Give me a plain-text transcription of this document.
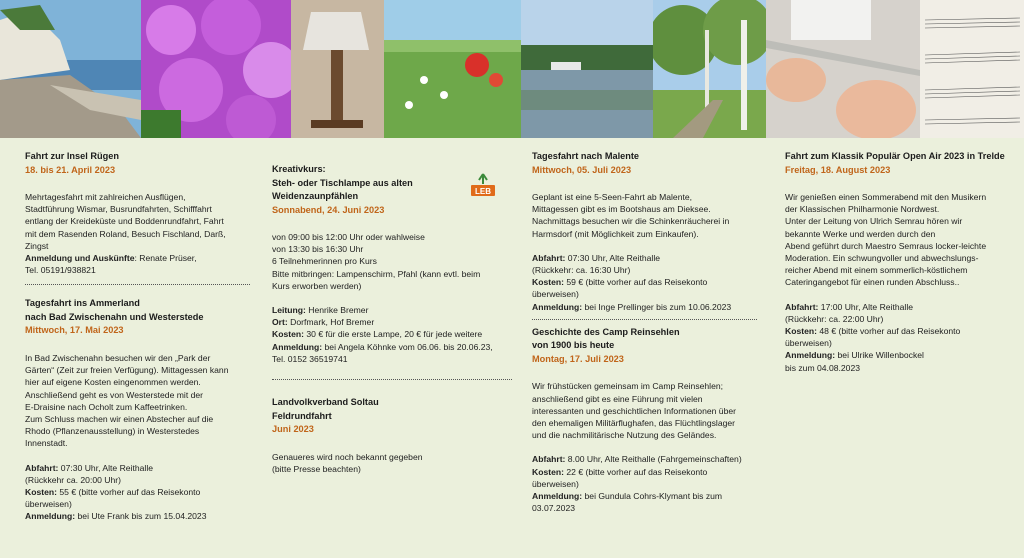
Fahrt zur Insel Rügen
18. bis 21. April 2023
Mehrtagesfahrt mit zahlreichen Ausflügen,
Stadtführung Wismar, Busrundfahrten, Schifffahrt
entlang der Kreideküste und Boddenrundfahrt, Fahrt
mit dem Rasenden Roland, Besuch Fischland, Darß,
Zingst
Anmeldung und Auskünfte: Renate Prüser,
Tel. 05191/938821
Tagesfahrt ins Ammerland
nach Bad Zwischenahn und Westerstede
Mittwoch, 17. Mai 2023
In Bad Zwischenahn besuchen wir den „Park der
Gärten“ (Zeit zur freien Verfügung). Mittagessen kann
hier auf eigene Kosten eingenommen werden.
Anschließend geht es von Westerstede mit der
E-Draisine nach Ocholt zum Kaffeetrinken.
Zum Schluss machen wir einen Abstecher auf die
Rhodo (Pflanzenausstellung) in Westerstedes
Innenstadt.
Abfahrt: 07:30 Uhr, Alte Reithalle
(Rückkehr ca. 20:00 Uhr)
Kosten: 55 € (bitte vorher auf das Reisekonto
überweisen)
Anmeldung: bei Ute Frank bis zum 15.04.2023
LEB
Kreativkurs:
Steh- oder Tischlampe aus alten
Weidenzaunpfählen
Sonnabend, 24. Juni 2023
von 09:00 bis 12:00 Uhr oder wahlweise
von 13:30 bis 16:30 Uhr
6 Teilnehmerinnen pro Kurs
Bitte mitbringen: Lampenschirm, Pfahl (kann evtl. beim
Kurs erworben werden)
Leitung: Henrike Bremer
Ort: Dorfmark, Hof Bremer
Kosten: 30 € für die erste Lampe, 20 € für jede weitere
Anmeldung: bei Angela Köhnke vom 06.06. bis 20.06.23,
Tel. 0152 36519741
Landvolkverband Soltau
Feldrundfahrt
Juni 2023
Genaueres wird noch bekannt gegeben
(bitte Presse beachten)
Tagesfahrt nach Malente
Mittwoch, 05. Juli 2023
Geplant ist eine 5-Seen-Fahrt ab Malente,
Mittagessen gibt es im Bootshaus am Dieksee.
Nachmittags besuchen wir die Schinkenräucherei in
Harmsdorf (mit Möglichkeit zum Einkaufen).
Abfahrt: 07:30 Uhr, Alte Reithalle
(Rückkehr: ca. 16:30 Uhr)
Kosten: 59 € (bitte vorher auf das Reisekonto
überweisen)
Anmeldung: bei Inge Prellinger bis zum 10.06.2023
Geschichte des Camp Reinsehlen
von 1900 bis heute
Montag, 17. Juli 2023
Wir frühstücken gemeinsam im Camp Reinsehlen;
anschließend gibt es eine Führung mit vielen
interessanten und geschichtlichen Informationen über
den ehemaligen Militärflughafen, das Flüchtlingslager
und die nachmilitärische Nutzung des Geländes.
Abfahrt: 8.00 Uhr, Alte Reithalle (Fahrgemeinschaften)
Kosten: 22 € (bitte vorher auf das Reisekonto
überweisen)
Anmeldung: bei Gundula Cohrs-Klymant bis zum
03.07.2023
Fahrt zum Klassik Populär Open Air 2023 in Trelde
Freitag, 18. August 2023
Wir genießen einen Sommerabend mit den Musikern
der Klassischen Philharmonie Nordwest.
Unter der Leitung von Ulrich Semrau hören wir
bekannte Werke und werden durch den
Abend geführt durch Maestro Semraus locker-leichte
Moderation. Ein schwungvoller und abwechslungs-
reicher Abend mit einem sommerlich-köstlichem
Cateringangebot für einen runden Abschluss..
Abfahrt: 17:00 Uhr, Alte Reithalle
(Rückkehr: ca. 22:00 Uhr)
Kosten: 48 € (bitte vorher auf das Reisekonto
überweisen)
Anmeldung: bei Ulrike Willenbockel
bis zum 04.08.2023
